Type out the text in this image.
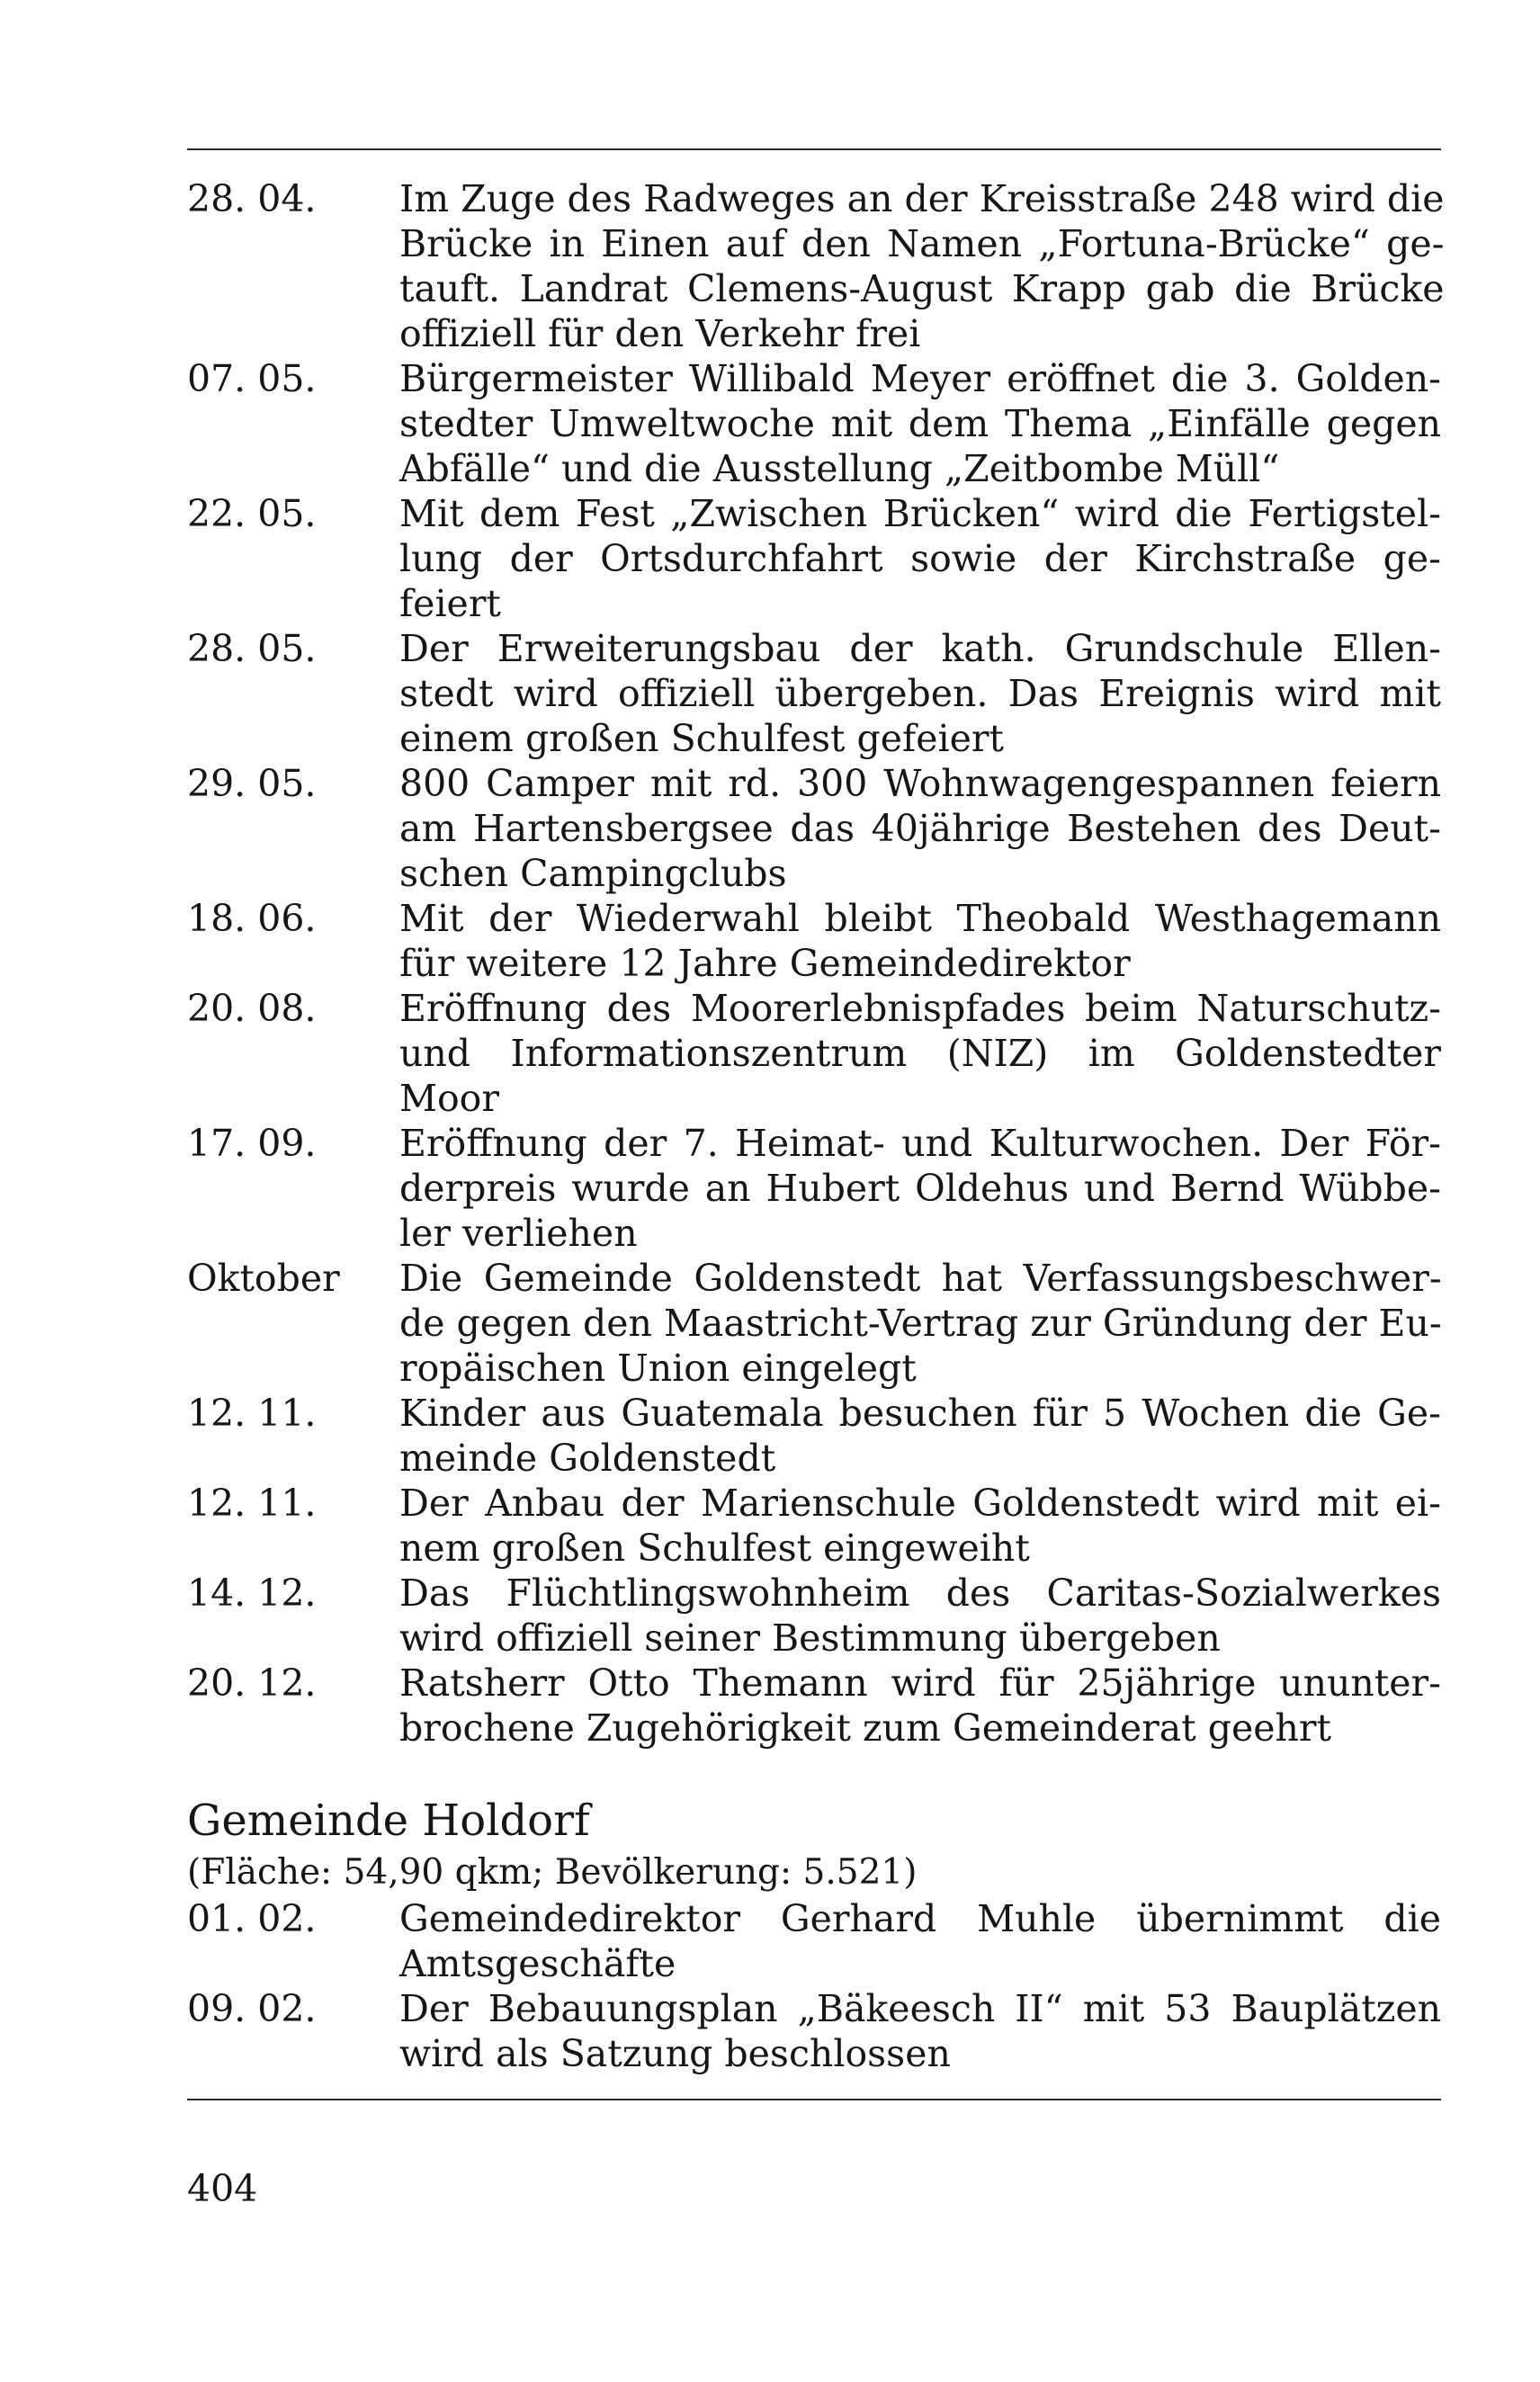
28. 04.	Im Zuge des Radweges an der Kreisstraße 248 wird die
Brücke in Einen auf den Namen „Fortuna-Brücke“ ge-
tauft. Landrat Clemens-August Krapp gab die Brücke
offiziell für den Verkehr frei
07. 05.	Bürgermeister Willibald Meyer eröffnet die 3. Golden-
stedter Umweltwoche mit dem Thema „Einfälle gegen
Abfälle“ und die Ausstellung „Zeitbombe Müll“
22. 05.	Mit dem Fest „Zwischen Brücken“ wird die Fertigstel-
lung der Ortsdurchfahrt sowie der Kirchstraße ge-
feiert
28. 05.	Der Erweiterungsbau der kath. Grundschule Ellen-
stedt wird offiziell übergeben. Das Ereignis wird mit
einem großen Schulfest gefeiert
29. 05.	800 Camper mit rd. 300 Wohnwagengespannen feiern
am Hartensbergsee das 40jährige Bestehen des Deut-
schen Campingclubs
18. 06.	Mit der Wiederwahl bleibt Theobald Westhagemann
für weitere 12 Jahre Gemeindedirektor
20. 08.	Eröffnung des Moorerlebnispfades beim Naturschutz-
und Informationszentrum (NIZ) im Goldenstedter
Moor
17. 09.	Eröffnung der 7. Heimat- und Kulturwochen. Der För-
derpreis wurde an Hubert Oldehus und Bernd Wübbe-
ler verliehen
Oktober	Die Gemeinde Goldenstedt hat Verfassungsbeschwer-
de gegen den Maastricht-Vertrag zur Gründung der Eu-
ropäischen Union eingelegt
12. 11.	Kinder aus Guatemala besuchen für 5 Wochen die Ge-
meinde Goldenstedt
12. 11.	Der Anbau der Marienschule Goldenstedt wird mit ei-
nem großen Schulfest eingeweiht
14. 12.	Das Flüchtlingswohnheim des Caritas-Sozialwerkes
wird offiziell seiner Bestimmung übergeben
20. 12.	Ratsherr Otto Themann wird für 25jährige ununter-
brochene Zugehörigkeit zum Gemeinderat geehrt
Gemeinde Holdorf
(Fläche: 54,90 qkm; Bevölkerung: 5.521)
01. 02.	Gemeindedirektor Gerhard Muhle übernimmt die
Amtsgeschäfte
09. 02.	Der Bebauungsplan „Bäkeesch II“ mit 53 Bauplätzen
wird als Satzung beschlossen
404
